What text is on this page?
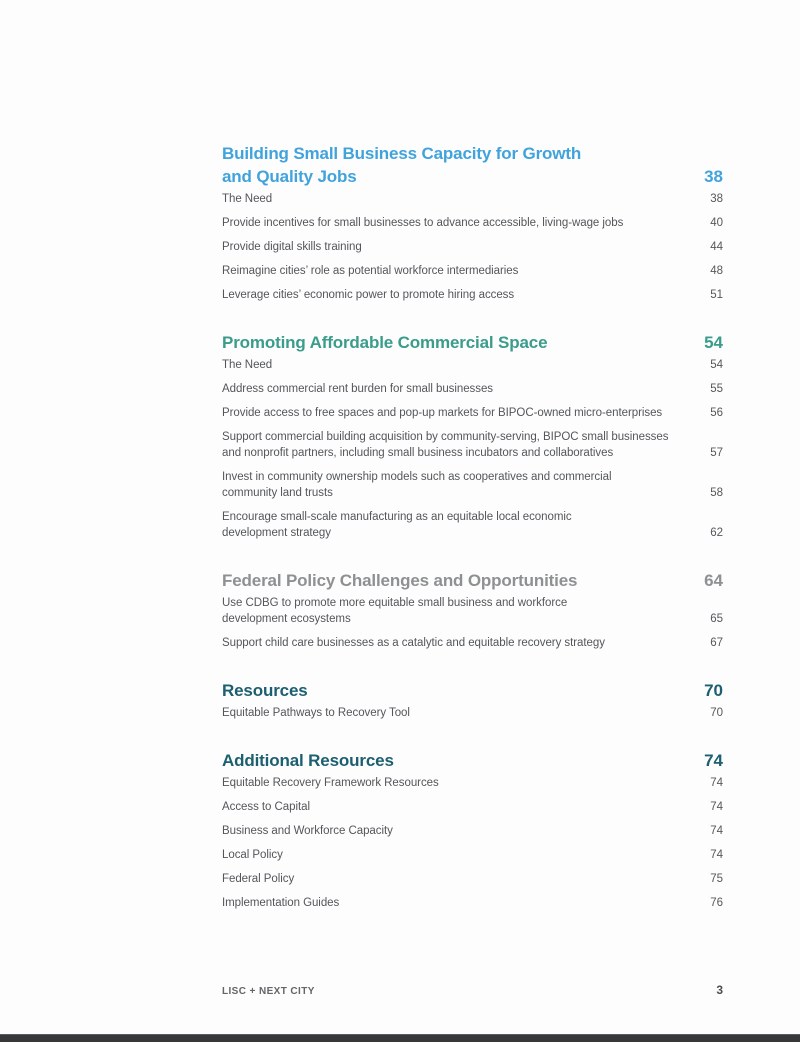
Building Small Business Capacity for Growth
and Quality Jobs	38
The Need	38
Provide incentives for small businesses to advance accessible, living-wage jobs	40
Provide digital skills training	44
Reimagine cities’ role as potential workforce intermediaries	48
Leverage cities’ economic power to promote hiring access	51
Promoting Affordable Commercial Space	54
The Need	54
Address commercial rent burden for small businesses	55
Provide access to free spaces and pop-up markets for BIPOC-owned micro-enterprises	56
Support commercial building acquisition by community-serving, BIPOC small businesses
and nonprofit partners, including small business incubators and collaboratives	57
Invest in community ownership models such as cooperatives and commercial
community land trusts	58
Encourage small-scale manufacturing as an equitable local economic
development strategy	62
Federal Policy Challenges and Opportunities	64
Use CDBG to promote more equitable small business and workforce
development ecosystems	65
Support child care businesses as a catalytic and equitable recovery strategy	67
Resources	70
Equitable Pathways to Recovery Tool	70
Additional Resources	74
Equitable Recovery Framework Resources	74
Access to Capital	74
Business and Workforce Capacity	74
Local Policy	74
Federal Policy	75
Implementation Guides	76
LISC + NEXT CITY	3
